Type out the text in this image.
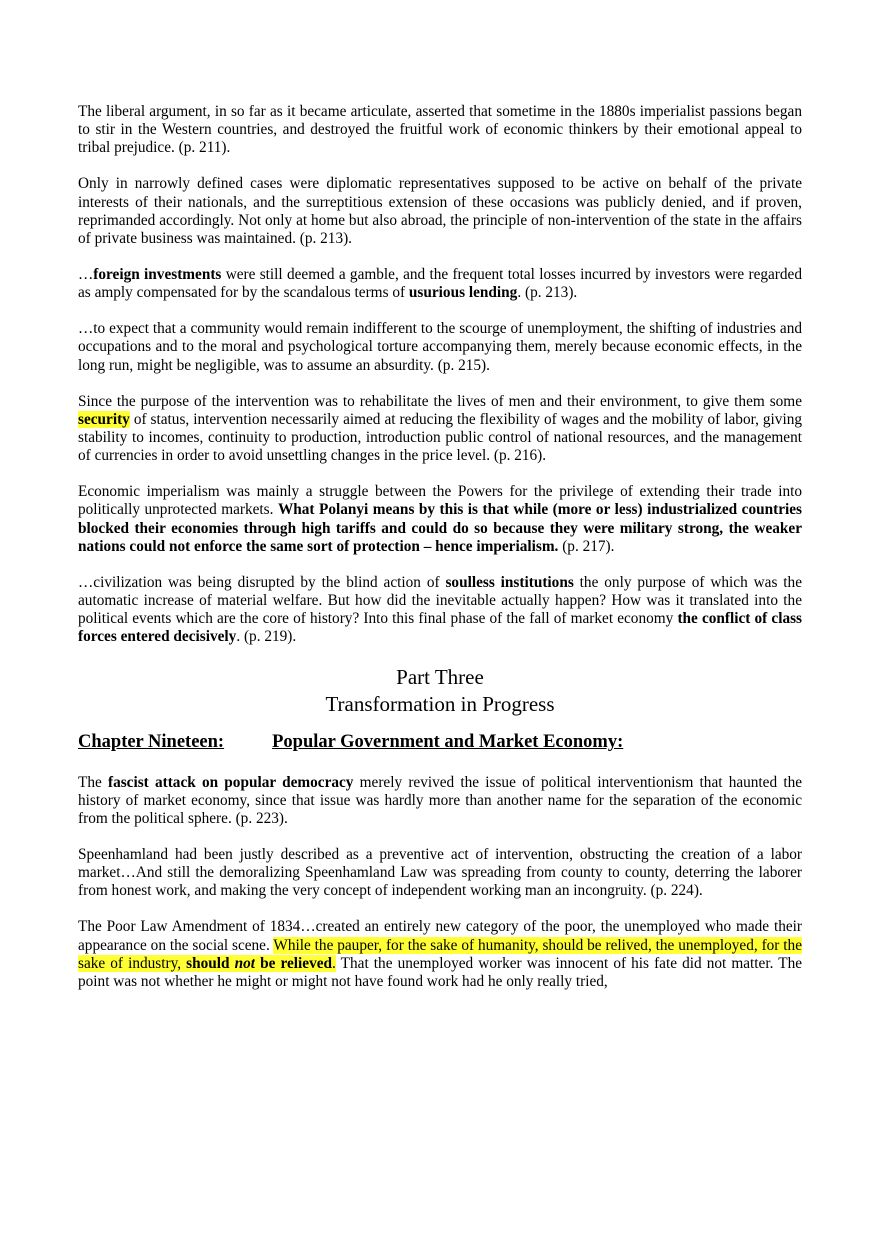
The liberal argument, in so far as it became articulate, asserted that sometime in the 1880s imperialist passions began to stir in the Western countries, and destroyed the fruitful work of economic thinkers by their emotional appeal to tribal prejudice. (p. 211).

Only in narrowly defined cases were diplomatic representatives supposed to be active on behalf of the private interests of their nationals, and the surreptitious extension of these occasions was publicly denied, and if proven, reprimanded accordingly. Not only at home but also abroad, the principle of non-intervention of the state in the affairs of private business was maintained. (p. 213).

…foreign investments were still deemed a gamble, and the frequent total losses incurred by investors were regarded as amply compensated for by the scandalous terms of usurious lending. (p. 213).

…to expect that a community would remain indifferent to the scourge of unemployment, the shifting of industries and occupations and to the moral and psychological torture accompanying them, merely because economic effects, in the long run, might be negligible, was to assume an absurdity. (p. 215).

Since the purpose of the intervention was to rehabilitate the lives of men and their environment, to give them some security of status, intervention necessarily aimed at reducing the flexibility of wages and the mobility of labor, giving stability to incomes, continuity to production, introduction public control of national resources, and the management of currencies in order to avoid unsettling changes in the price level. (p. 216).

Economic imperialism was mainly a struggle between the Powers for the privilege of extending their trade into politically unprotected markets. What Polanyi means by this is that while (more or less) industrialized countries blocked their economies through high tariffs and could do so because they were military strong, the weaker nations could not enforce the same sort of protection – hence imperialism. (p. 217).

…civilization was being disrupted by the blind action of soulless institutions the only purpose of which was the automatic increase of material welfare. But how did the inevitable actually happen? How was it translated into the political events which are the core of history? Into this final phase of the fall of market economy the conflict of class forces entered decisively. (p. 219).

Part Three
Transformation in Progress
Chapter Nineteen:	Popular Government and Market Economy:

The fascist attack on popular democracy merely revived the issue of political interventionism that haunted the history of market economy, since that issue was hardly more than another name for the separation of the economic from the political sphere. (p. 223).

Speenhamland had been justly described as a preventive act of intervention, obstructing the creation of a labor market…And still the demoralizing Speenhamland Law was spreading from county to county, deterring the laborer from honest work, and making the very concept of independent working man an incongruity. (p. 224).

The Poor Law Amendment of 1834…created an entirely new category of the poor, the unemployed who made their appearance on the social scene. While the pauper, for the sake of humanity, should be relived, the unemployed, for the sake of industry, should not be relieved. That the unemployed worker was innocent of his fate did not matter. The point was not whether he might or might not have found work had he only really tried,
